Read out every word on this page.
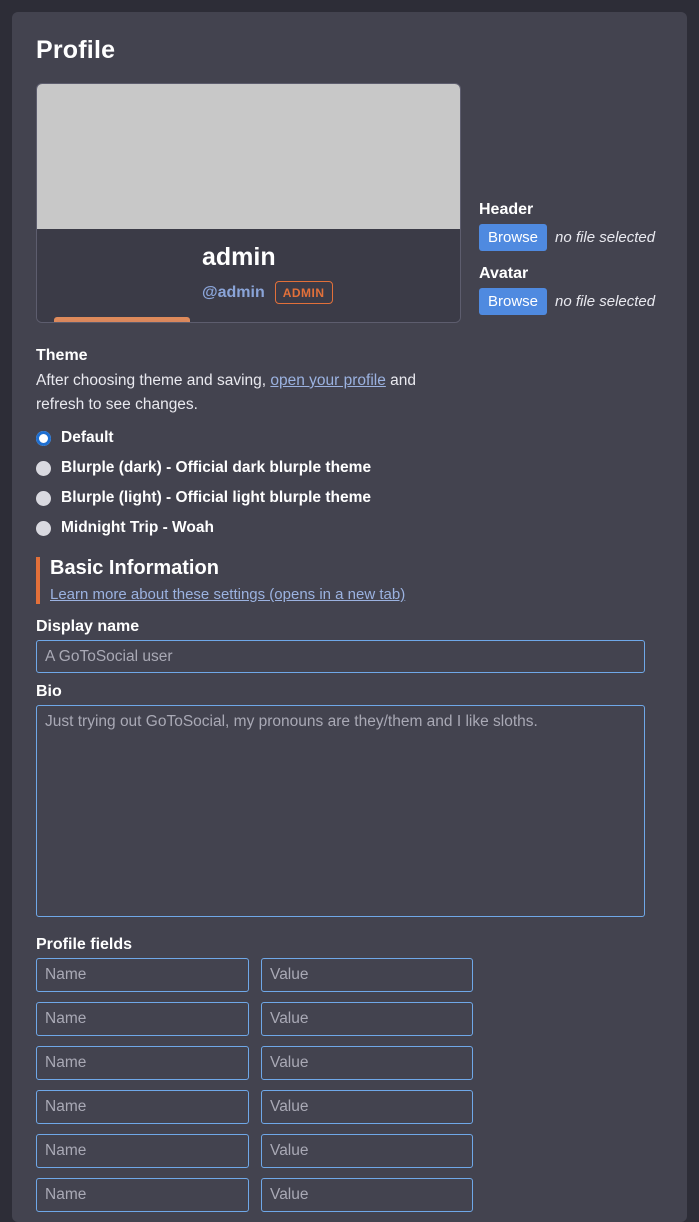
Profile
admin
@admin	ADMIN
Header
Browse	no file selected
Avatar
Browse	no file selected
Theme

After choosing theme and saving, open your profile and refresh to see changes.

Default
Blurple (dark) - Official dark blurple theme
Blurple (light) - Official light blurple theme
Midnight Trip - Woah
Basic Information
Learn more about these settings (opens in a new tab)
Display name
A GoToSocial user
Bio
Just trying out GoToSocial, my pronouns are they/them and I like sloths.
Profile fields
Name
Value
Name
Value
Name
Value
Name
Value
Name
Value
Name
Value
